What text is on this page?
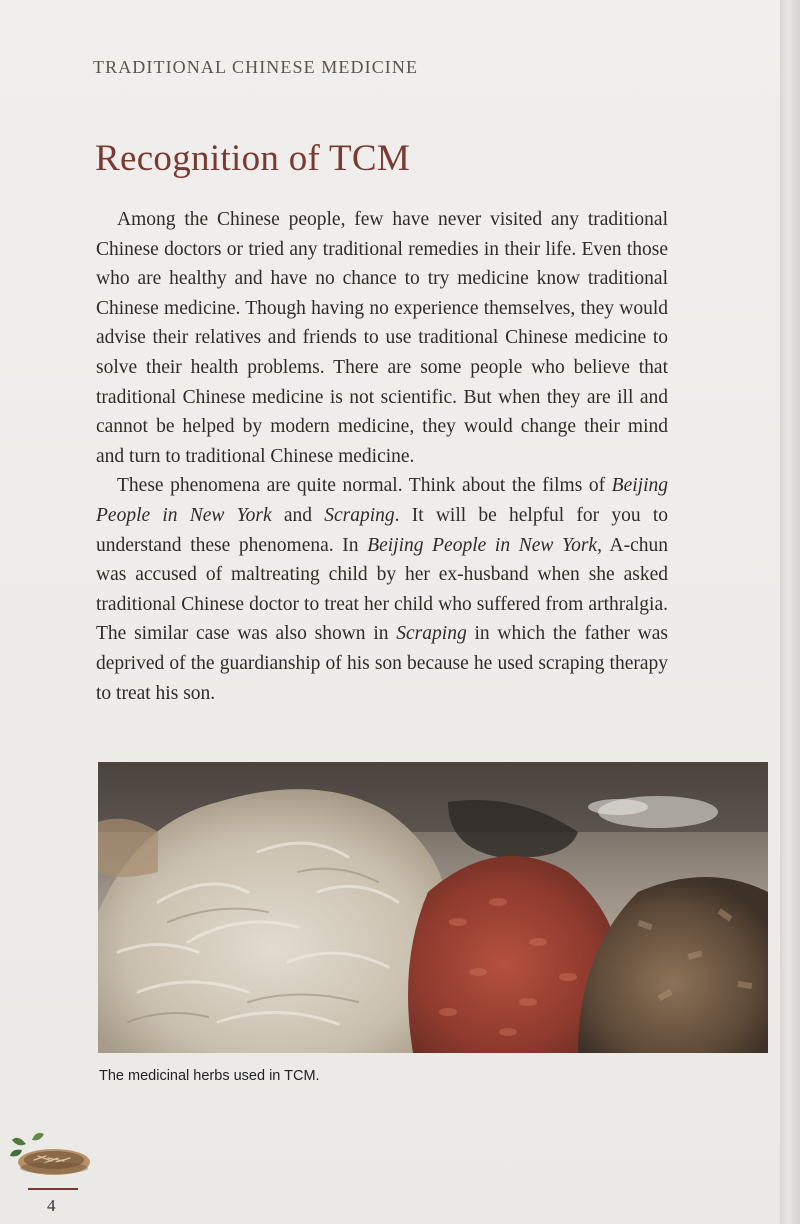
TRADITIONAL CHINESE MEDICINE
Recognition of TCM

Among the Chinese people, few have never visited any traditional Chinese doctors or tried any traditional remedies in their life. Even those who are healthy and have no chance to try medicine know traditional Chinese medicine. Though having no experience themselves, they would advise their relatives and friends to use traditional Chinese medicine to solve their health problems. There are some people who believe that traditional Chinese medicine is not scientific. But when they are ill and cannot be helped by modern medicine, they would change their mind and turn to traditional Chinese medicine.

These phenomena are quite normal. Think about the films of Beijing People in New York and Scraping. It will be helpful for you to understand these phenomena. In Beijing People in New York, A-chun was accused of maltreating child by her ex-husband when she asked traditional Chinese doctor to treat her child who suffered from arthralgia. The similar case was also shown in Scraping in which the father was deprived of the guardianship of his son because he used scraping therapy to treat his son.

The medicinal herbs used in TCM.
4
